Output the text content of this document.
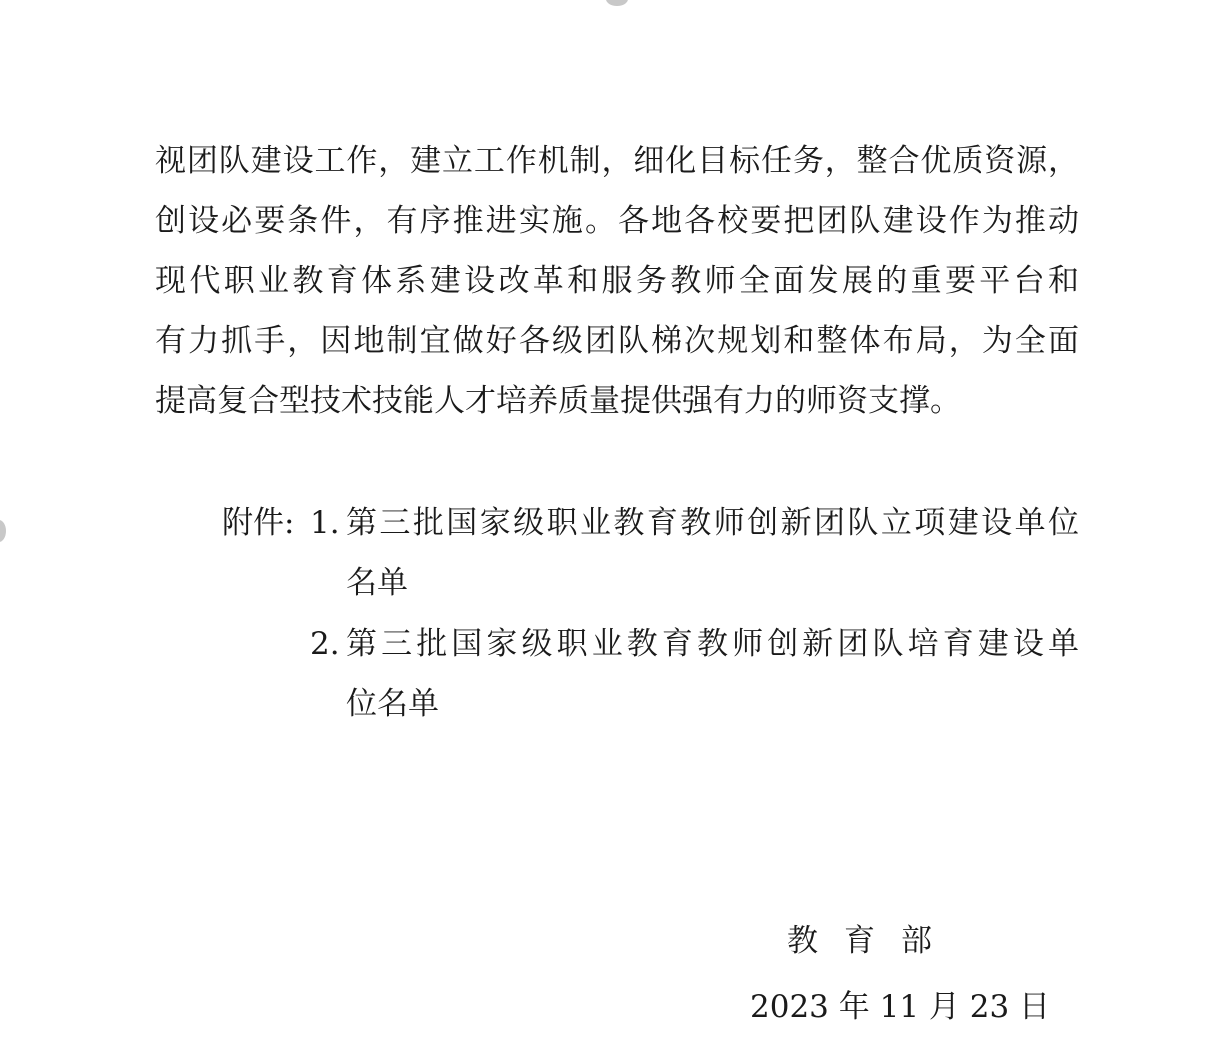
视团队建设工作，建立工作机制，细化目标任务，整合优质资源，
创设必要条件，有序推进实施。各地各校要把团队建设作为推动
现代职业教育体系建设改革和服务教师全面发展的重要平台和
有力抓手，因地制宜做好各级团队梯次规划和整体布局，为全面
提高复合型技术技能人才培养质量提供强有力的师资支撑。
附件: 1. 第三批国家级职业教育教师创新团队立项建设单位
名单
2. 第三批国家级职业教育教师创新团队培育建设单
位名单
教育部
2023 年 11 月 23 日
